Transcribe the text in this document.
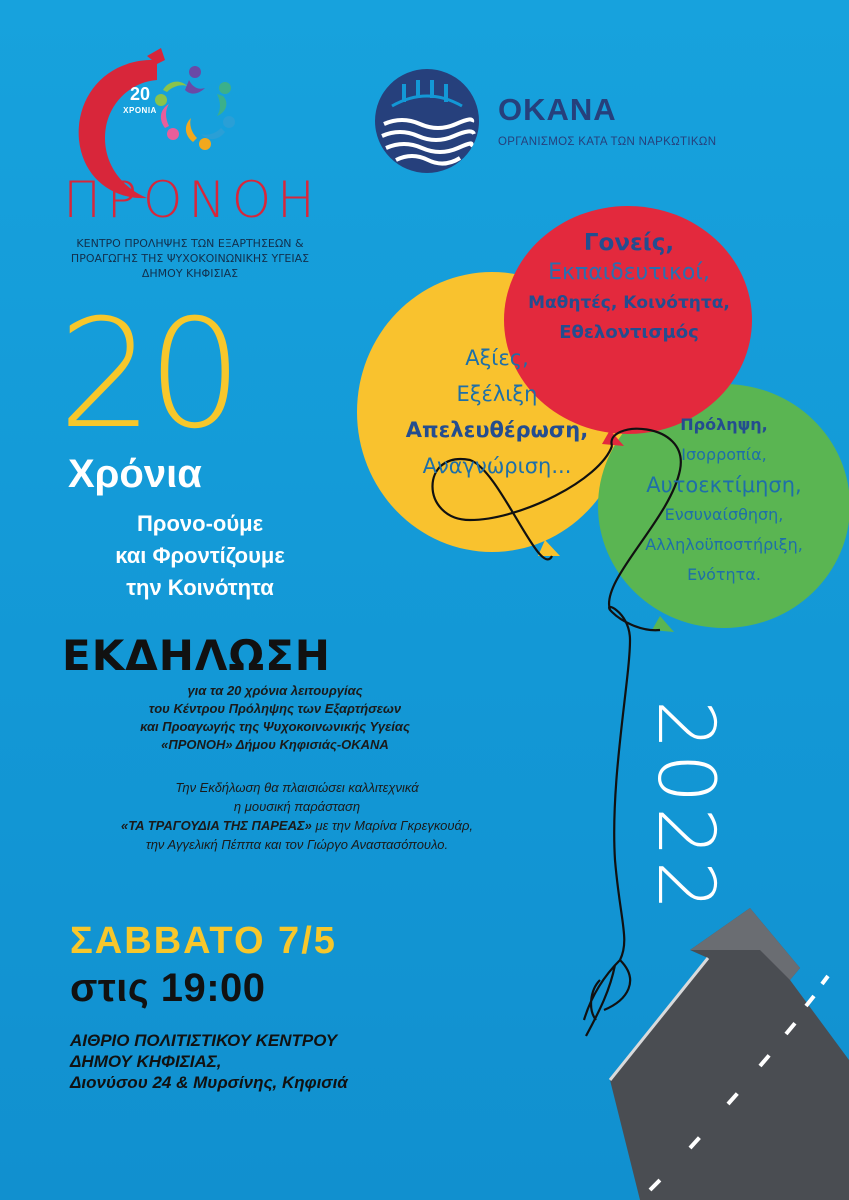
20
ΧΡΟΝΙΑ
ΠΡΟΝΟΗ
ΚΕΝΤΡΟ ΠΡΟΛΗΨΗΣ ΤΩΝ ΕΞΑΡΤΗΣΕΩΝ &
ΠΡΟΑΓΩΓΗΣ ΤΗΣ ΨΥΧΟΚΟΙΝΩΝΙΚΗΣ ΥΓΕΙΑΣ
ΔΗΜΟΥ ΚΗΦΙΣΙΑΣ
OKANA
ΟΡΓΑΝΙΣΜΟΣ ΚΑΤΑ ΤΩΝ ΝΑΡΚΩΤΙΚΩΝ
Αξίες,
Εξέλιξη
Απελευθέρωση,
Αναγνώριση...
Γονείς,
Εκπαιδευτικοί,
Μαθητές, Κοινότητα,
Εθελοντισμός
Πρόληψη,
Ισορροπία,
Αυτοεκτίμηση,
Ενσυναίσθηση,
Αλληλοϋποστήριξη,
Ενότητα.
20
Χρόνια
Προνο-ούμε
και Φροντίζουμε
την Κοινότητα
ΕΚΔΗΛΩΣΗ
για τα 20 χρόνια λειτουργίας
του Κέντρου Πρόληψης των Εξαρτήσεων
και Προαγωγής της Ψυχοκοινωνικής Υγείας
«ΠΡΟΝΟΗ» Δήμου Κηφισιάς-ΟΚΑΝΑ
Την Εκδήλωση θα πλαισιώσει καλλιτεχνικά
η μουσική παράσταση
«ΤΑ ΤΡΑΓΟΥΔΙΑ ΤΗΣ ΠΑΡΕΑΣ» με την Μαρίνα Γκρεγκουάρ,
την Αγγελική Πέππα και τον Γιώργο Αναστασόπουλο.
ΣΑΒΒΑΤΟ 7/5
στις 19:00
ΑΙΘΡΙΟ ΠΟΛΙΤΙΣΤΙΚΟΥ ΚΕΝΤΡΟΥ
ΔΗΜΟΥ ΚΗΦΙΣΙΑΣ,
Διονύσου 24 & Μυρσίνης, Κηφισιά
2022
